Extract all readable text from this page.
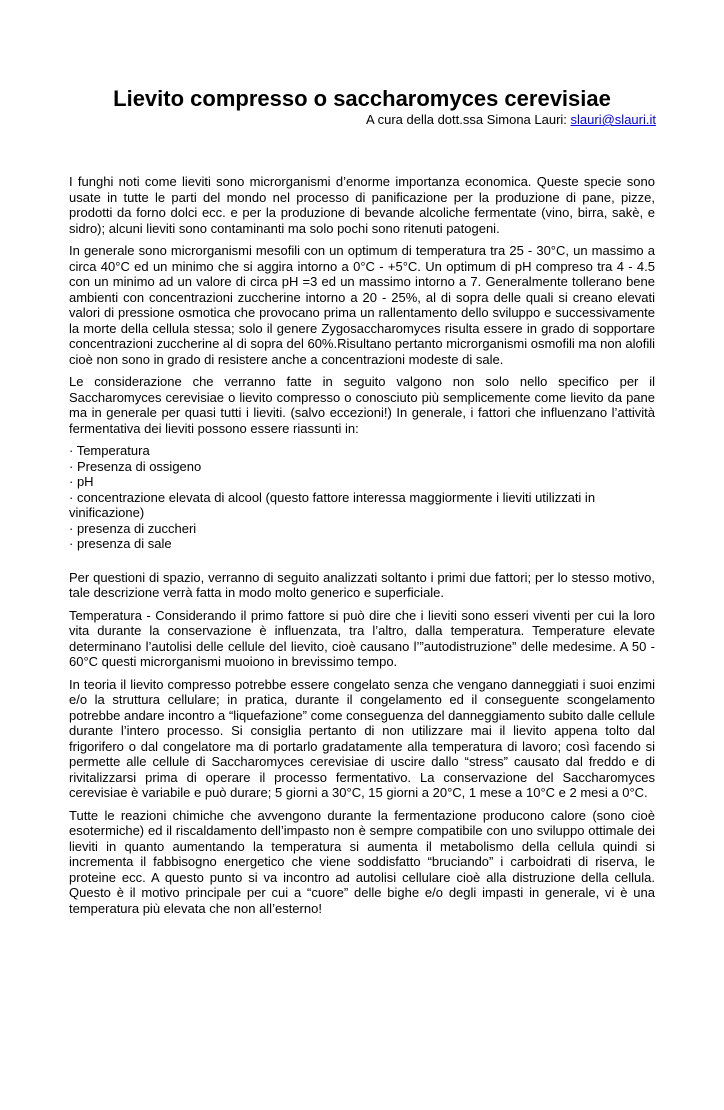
Lievito compresso o saccharomyces cerevisiae
A cura della dott.ssa Simona Lauri: slauri@slauri.it

I funghi noti come lieviti sono microrganismi d’enorme importanza economica. Queste specie sono usate in tutte le parti del mondo nel processo di panificazione per la produzione di pane, pizze, prodotti da forno dolci ecc. e per la produzione di bevande alcoliche fermentate (vino, birra, sakè, e sidro); alcuni lieviti sono contaminanti ma solo pochi sono ritenuti patogeni.

In generale sono microrganismi mesofili con un optimum di temperatura tra 25 - 30°C, un massimo a circa 40°C ed un minimo che si aggira intorno a 0°C - +5°C. Un optimum di pH compreso tra 4 - 4.5 con un minimo ad un valore di circa pH =3 ed un massimo intorno a 7. Generalmente tollerano bene ambienti con concentrazioni zuccherine intorno a 20 - 25%, al di sopra delle quali si creano elevati valori di pressione osmotica che provocano prima un rallentamento dello sviluppo e successivamente la morte della cellula stessa; solo il genere Zygosaccharomyces risulta essere in grado di sopportare concentrazioni zuccherine al di sopra del 60%.Risultano pertanto microrganismi osmofili ma non alofili cioè non sono in grado di resistere anche a concentrazioni modeste di sale.

Le considerazione che verranno fatte in seguito valgono non solo nello specifico per il Saccharomyces cerevisiae o lievito compresso o conosciuto più semplicemente come lievito da pane ma in generale per quasi tutti i lieviti. (salvo eccezioni!) In generale, i fattori che influenzano l’attività fermentativa dei lieviti possono essere riassunti in:

· Temperatura
· Presenza di ossigeno
· pH
· concentrazione elevata di alcool (questo fattore interessa maggiormente i lieviti utilizzati in vinificazione)
· presenza di zuccheri
· presenza di sale

Per questioni di spazio, verranno di seguito analizzati soltanto i primi due fattori; per lo stesso motivo, tale descrizione verrà fatta in modo molto generico e superficiale.

Temperatura - Considerando il primo fattore si può dire che i lieviti sono esseri viventi per cui la loro vita durante la conservazione è influenzata, tra l’altro, dalla temperatura. Temperature elevate determinano l’autolisi delle cellule del lievito, cioè causano l’”autodistruzione” delle medesime. A 50 - 60°C questi microrganismi muoiono in brevissimo tempo.

In teoria il lievito compresso potrebbe essere congelato senza che vengano danneggiati i suoi enzimi e/o la struttura cellulare; in pratica, durante il congelamento ed il conseguente scongelamento potrebbe andare incontro a “liquefazione” come conseguenza del danneggiamento subito dalle cellule durante l’intero processo. Si consiglia pertanto di non utilizzare mai il lievito appena tolto dal frigorifero o dal congelatore ma di portarlo gradatamente alla temperatura di lavoro; così facendo si permette alle cellule di Saccharomyces cerevisiae di uscire dallo “stress” causato dal freddo e di rivitalizzarsi prima di operare il processo fermentativo. La conservazione del Saccharomyces cerevisiae è variabile e può durare; 5 giorni a 30°C, 15 giorni a 20°C, 1 mese a 10°C e 2 mesi a 0°C.

Tutte le reazioni chimiche che avvengono durante la fermentazione producono calore (sono cioè esotermiche) ed il riscaldamento dell’impasto non è sempre compatibile con uno sviluppo ottimale dei lieviti in quanto aumentando la temperatura si aumenta il metabolismo della cellula quindi si incrementa il fabbisogno energetico che viene soddisfatto “bruciando” i carboidrati di riserva, le proteine ecc. A questo punto si va incontro ad autolisi cellulare cioè alla distruzione della cellula. Questo è il motivo principale per cui a “cuore” delle bighe e/o degli impasti in generale, vi è una temperatura più elevata che non all’esterno!
